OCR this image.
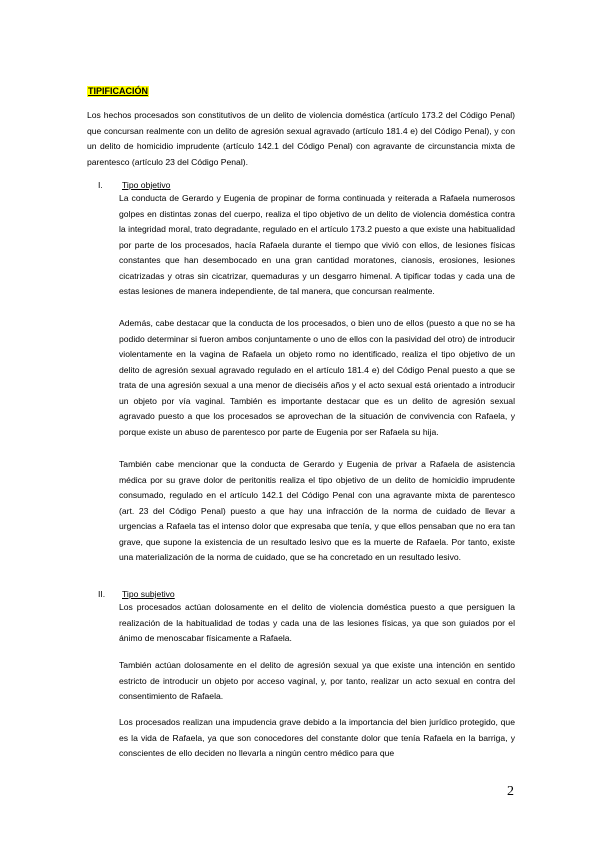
TIPIFICACIÓN

Los hechos procesados son constitutivos de un delito de violencia doméstica (artículo 173.2 del Código Penal) que concursan realmente con un delito de agresión sexual agravado (artículo 181.4 e) del Código Penal), y con un delito de homicidio imprudente (artículo 142.1 del Código Penal) con agravante de circunstancia mixta de parentesco (artículo 23 del Código Penal).

I. Tipo objetivo

La conducta de Gerardo y Eugenia de propinar de forma continuada y reiterada a Rafaela numerosos golpes en distintas zonas del cuerpo, realiza el tipo objetivo de un delito de violencia doméstica contra la integridad moral, trato degradante, regulado en el artículo 173.2 puesto a que existe una habitualidad por parte de los procesados, hacía Rafaela durante el tiempo que vivió con ellos, de lesiones físicas constantes que han desembocado en una gran cantidad moratones, cianosis, erosiones, lesiones cicatrizadas y otras sin cicatrizar, quemaduras y un desgarro himenal. A tipificar todas y cada una de estas lesiones de manera independiente, de tal manera, que concursan realmente.

Además, cabe destacar que la conducta de los procesados, o bien uno de ellos (puesto a que no se ha podido determinar si fueron ambos conjuntamente o uno de ellos con la pasividad del otro) de introducir violentamente en la vagina de Rafaela un objeto romo no identificado, realiza el tipo objetivo de un delito de agresión sexual agravado regulado en el artículo 181.4 e) del Código Penal puesto a que se trata de una agresión sexual a una menor de dieciséis años y el acto sexual está orientado a introducir un objeto por vía vaginal. También es importante destacar que es un delito de agresión sexual agravado puesto a que los procesados se aprovechan de la situación de convivencia con Rafaela, y porque existe un abuso de parentesco por parte de Eugenia por ser Rafaela su hija.

También cabe mencionar que la conducta de Gerardo y Eugenia de privar a Rafaela de asistencia médica por su grave dolor de peritonitis realiza el tipo objetivo de un delito de homicidio imprudente consumado, regulado en el artículo 142.1 del Código Penal con una agravante mixta de parentesco (art. 23 del Código Penal) puesto a que hay una infracción de la norma de cuidado de llevar a urgencias a Rafaela tas el intenso dolor que expresaba que tenía, y que ellos pensaban que no era tan grave, que supone la existencia de un resultado lesivo que es la muerte de Rafaela. Por tanto, existe una materialización de la norma de cuidado, que se ha concretado en un resultado lesivo.

II. Tipo subjetivo

Los procesados actúan dolosamente en el delito de violencia doméstica puesto a que persiguen la realización de la habitualidad de todas y cada una de las lesiones físicas, ya que son guiados por el ánimo de menoscabar físicamente a Rafaela.

También actúan dolosamente en el delito de agresión sexual ya que existe una intención en sentido estricto de introducir un objeto por acceso vaginal, y, por tanto, realizar un acto sexual en contra del consentimiento de Rafaela.

Los procesados realizan una impudencia grave debido a la importancia del bien jurídico protegido, que es la vida de Rafaela, ya que son conocedores del constante dolor que tenía Rafaela en la barriga, y conscientes de ello deciden no llevarla a ningún centro médico para que

2
